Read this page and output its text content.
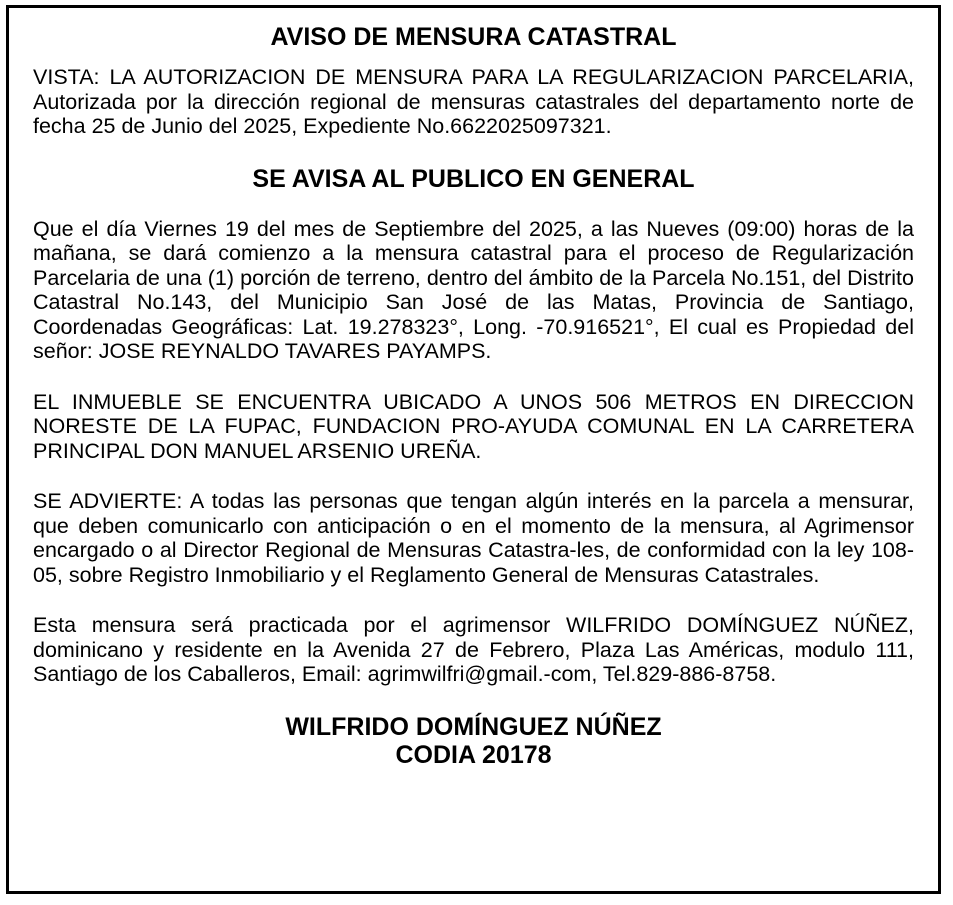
AVISO DE MENSURA CATASTRAL

VISTA: LA AUTORIZACION DE MENSURA PARA LA REGULARIZACION PARCELARIA, Autorizada por la dirección regional de mensuras catastrales del departamento norte de fecha 25 de Junio del 2025, Expediente No.6622025097321.

SE AVISA AL PUBLICO EN GENERAL

Que el día Viernes 19 del mes de Septiembre del 2025, a las Nueves (09:00) horas de la mañana, se dará comienzo a la mensura catastral para el proceso de Regularización Parcelaria de una (1) porción de terreno, dentro del ámbito de la Parcela No.151, del Distrito Catastral No.143, del Municipio San José de las Matas, Provincia de Santiago, Coordenadas Geográficas: Lat. 19.278323°, Long. -70.916521°, El cual es Propiedad del señor: JOSE REYNALDO TAVARES PAYAMPS.

EL INMUEBLE SE ENCUENTRA UBICADO A UNOS 506 METROS EN DIRECCION NORESTE DE LA FUPAC, FUNDACION PRO-AYUDA COMUNAL EN LA CARRETERA PRINCIPAL DON MANUEL ARSENIO UREÑA.

SE ADVIERTE: A todas las personas que tengan algún interés en la parcela a mensurar, que deben comunicarlo con anticipación o en el momento de la mensura, al Agrimensor encargado o al Director Regional de Mensuras Catastra-les, de conformidad con la ley 108-05, sobre Registro Inmobiliario y el Reglamento General de Mensuras Catastrales.

Esta mensura será practicada por el agrimensor WILFRIDO DOMÍNGUEZ NÚÑEZ, dominicano y residente en la Avenida 27 de Febrero, Plaza Las Américas, modulo 111, Santiago de los Caballeros, Email: agrimwilfri@gmail.-com, Tel.829-886-8758.

WILFRIDO DOMÍNGUEZ NÚÑEZ
CODIA 20178
